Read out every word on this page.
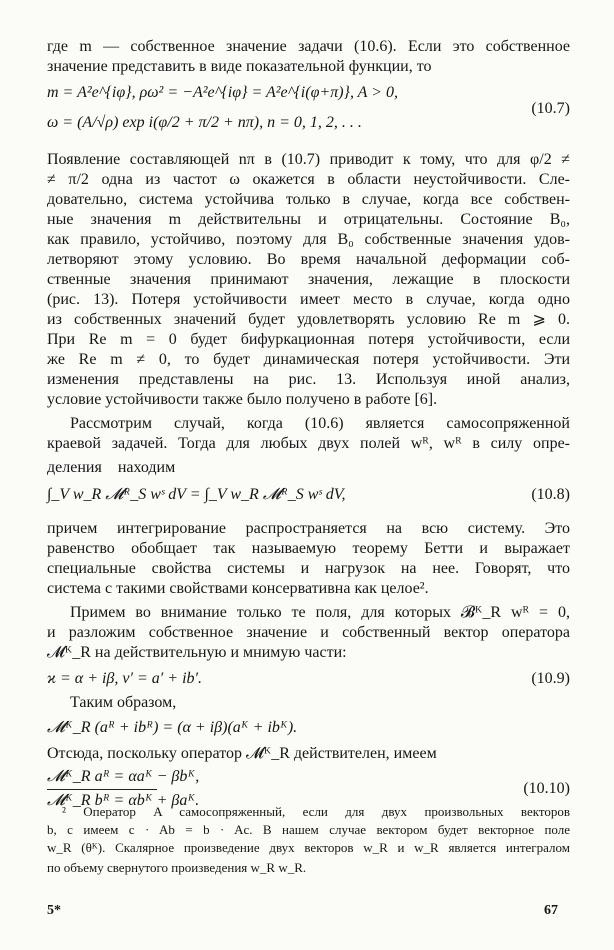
где m — собственное значение задачи (10.6). Если это собственное
значение представить в виде показательной функции, то
m = A²e^{iφ}, ρω² = −A²e^{iφ} = A²e^{i(φ+π)}, A > 0,
ω = (A/√ρ) exp i(φ/2 + π/2 + nπ), n = 0, 1, 2, . . .
(10.7)
Появление составляющей nπ в (10.7) приводит к тому, что для φ/2 ≠
≠ π/2 одна из частот ω окажется в области неустойчивости. Сле-
довательно, система устойчива только в случае, когда все собствен-
ные значения m действительны и отрицательны. Состояние B₀,
как правило, устойчиво, поэтому для B₀ собственные значения удов-
летворяют этому условию. Во время начальной деформации соб-
ственные значения принимают значения, лежащие в плоскости
(рис. 13). Потеря устойчивости имеет место в случае, когда одно
из собственных значений будет удовлетворять условию Re m ⩾ 0.
При Re m = 0 будет бифуркационная потеря устойчивости, если
же Re m ≠ 0, то будет динамическая потеря устойчивости. Эти
изменения представлены на рис. 13. Используя иной анализ,
условие устойчивости также было получено в работе [6].
Рассмотрим случай, когда (10.6) является самосопряженной
краевой задачей. Тогда для любых двух полей wᴿ, wᴿ в силу опре-
деления находим
∫_V w_R 𝓜ᴿ_S wˢ dV = ∫_V w_R 𝓜ᴿ_S wˢ dV,	(10.8)
причем интегрирование распространяется на всю систему. Это
равенство обобщает так называемую теорему Бетти и выражает
специальные свойства системы и нагрузок на нее. Говорят, что
система с такими свойствами консервативна как целое².
Примем во внимание только те поля, для которых 𝓑ᴷ_R wᴿ = 0,
и разложим собственное значение и собственный вектор оператора
𝓜ᴷ_R на действительную и мнимую части:
ϰ = α + iβ, v′ = a′ + ib′.	(10.9)
Таким образом,
𝓜ᴷ_R (aᴿ + ibᴿ) = (α + iβ)(aᴷ + ibᴷ).
Отсюда, поскольку оператор 𝓜ᴷ_R действителен, имеем
𝓜ᴷ_R aᴿ = αaᴷ − βbᴷ,
𝓜ᴷ_R bᴿ = αbᴷ + βaᴷ.
(10.10)
² Оператор A самосопряженный, если для двух произвольных векторов
b, c имеем c · Ab = b · Ac. В нашем случае вектором будет векторное поле
w_R (θᴷ). Скалярное произведение двух векторов w_R и w_R является интегралом
по объему свернутого произведения w_R w_R.
5*	67
